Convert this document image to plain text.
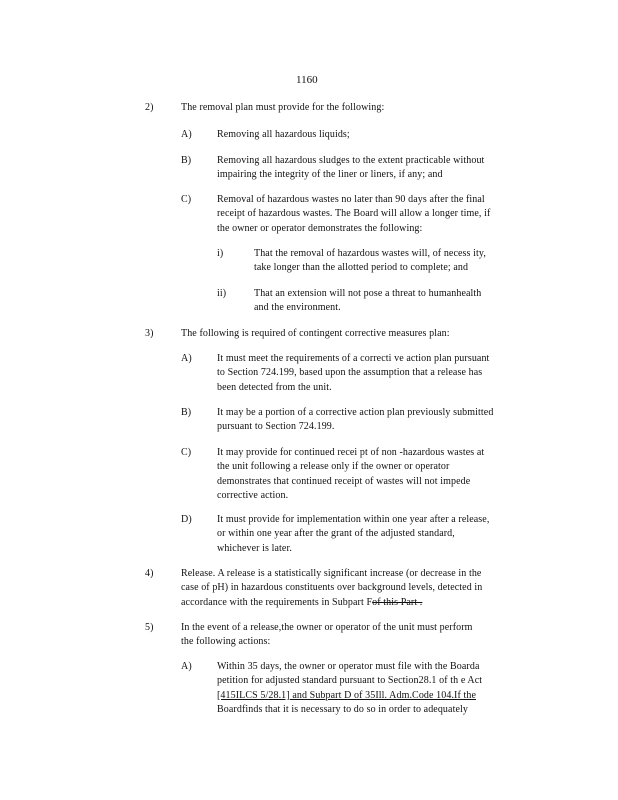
1160
2)	The removal plan must provide for the following:
A)	Removing all hazardous liquids;
B)	Removing all hazardous sludges to the extent practicable without
impairing the integrity of the liner or liners, if any; and
C)	Removal of hazardous wastes no later than 90 days after the final
receipt of hazardous wastes. The Board will allow a longer time, if
the owner or operator demonstrates the following:
i)	That the removal of hazardous wastes will, of necess ity,
take longer than the allotted period to complete; and
ii)	That an extension will not pose a threat to humanhealth
and the environment.
3)	The following is required of contingent corrective measures plan:
A)	It must meet the requirements of a correcti ve action plan pursuant
to Section 724.199, based upon the assumption that a release has
been detected from the unit.
B)	It may be a portion of a corrective action plan previously submitted
pursuant to Section 724.199.
C)	It may provide for continued recei pt of non -hazardous wastes at
the unit following a release only if the owner or operator
demonstrates that continued receipt of wastes will not impede
corrective action.
D)	It must provide for implementation within one year after a release,
or within one year after the grant of the adjusted standard,
whichever is later.
4)	Release. A release is a statistically significant increase (or decrease in the
case of pH) in hazardous constituents over background levels, detected in
accordance with the requirements in Subpart Fof this Part .
5)	In the event of a release,the owner or operator of the unit must perform
the following actions:
A)	Within 35 days, the owner or operator must file with the Boarda
petition for adjusted standard pursuant to Section28.1 of th e Act
[415ILCS 5/28.1] and Subpart D of 35Ill. Adm.Code 104.If the
Boardfinds that it is necessary to do so in order to adequately
